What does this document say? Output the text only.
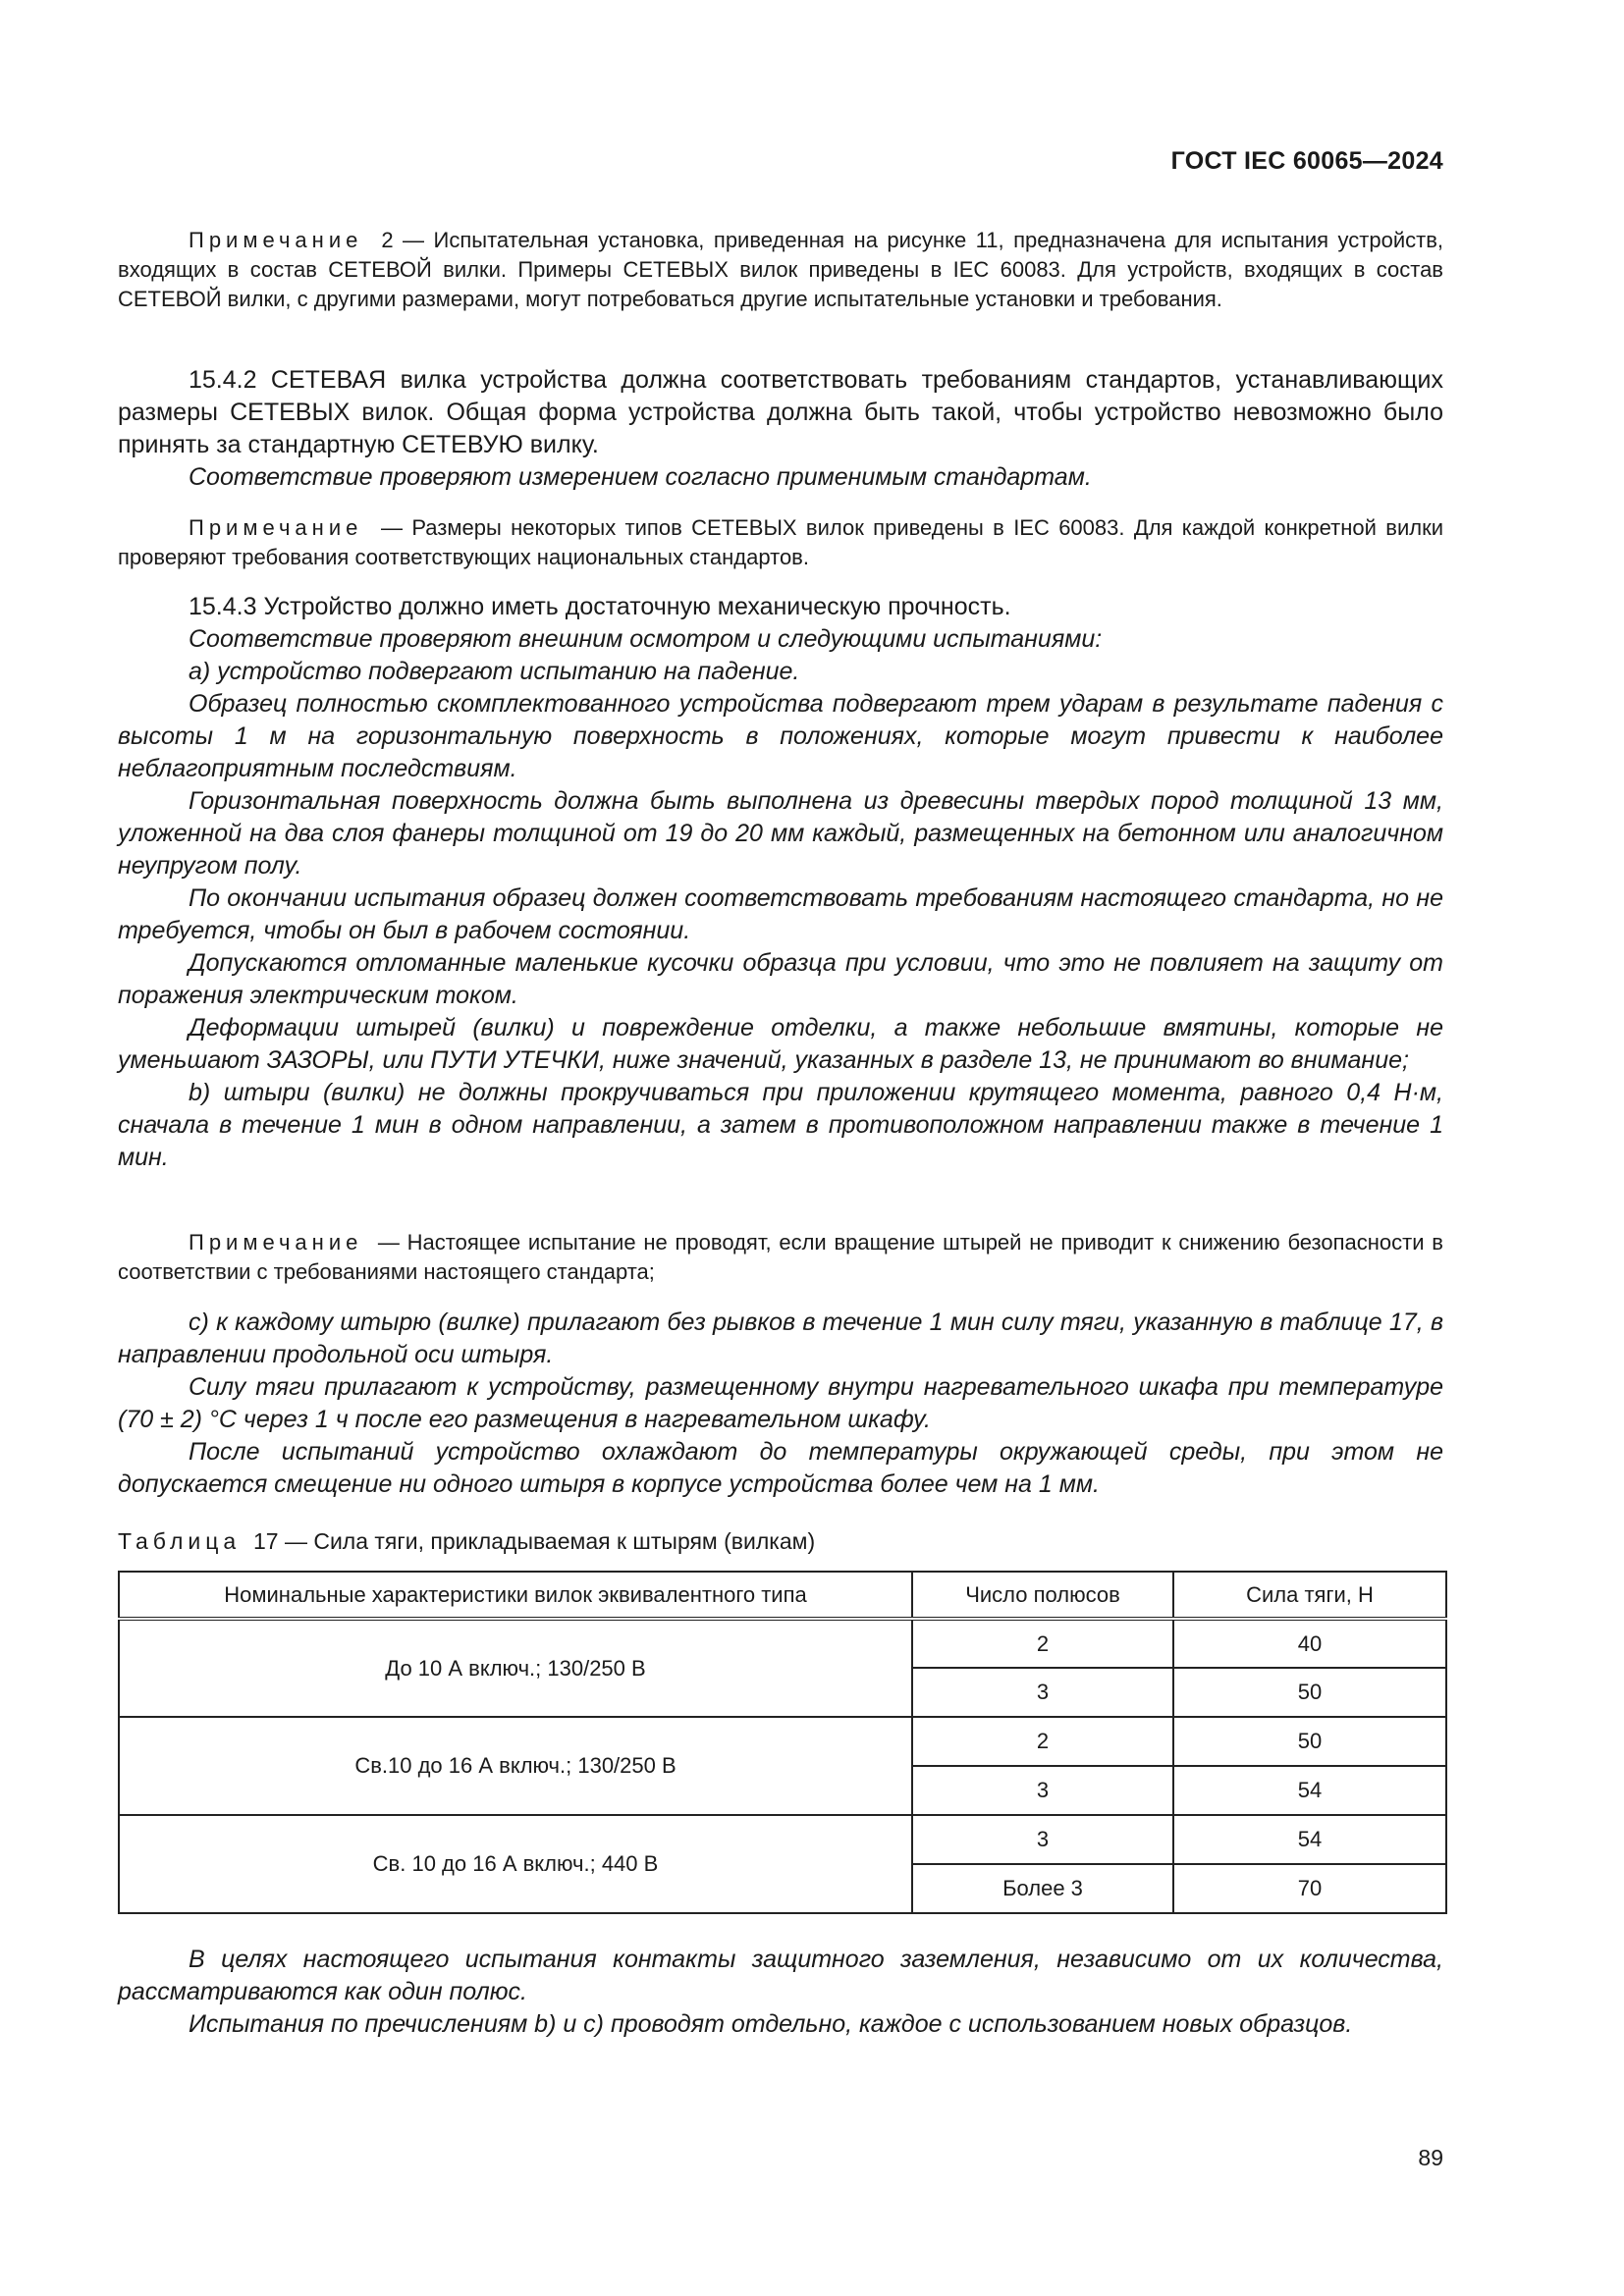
ГОСТ IEC 60065—2024

Примечание 2 — Испытательная установка, приведенная на рисунке 11, предназначена для испытания устройств, входящих в состав СЕТЕВОЙ вилки. Примеры СЕТЕВЫХ вилок приведены в IEC 60083. Для устройств, входящих в состав СЕТЕВОЙ вилки, с другими размерами, могут потребоваться другие испытательные установки и требования.

15.4.2 СЕТЕВАЯ вилка устройства должна соответствовать требованиям стандартов, устанавливающих размеры СЕТЕВЫХ вилок. Общая форма устройства должна быть такой, чтобы устройство невозможно было принять за стандартную СЕТЕВУЮ вилку.

Соответствие проверяют измерением согласно применимым стандартам.

Примечание — Размеры некоторых типов СЕТЕВЫХ вилок приведены в IEC 60083. Для каждой конкретной вилки проверяют требования соответствующих национальных стандартов.

15.4.3 Устройство должно иметь достаточную механическую прочность.

Соответствие проверяют внешним осмотром и следующими испытаниями:

a) устройство подвергают испытанию на падение.

Образец полностью скомплектованного устройства подвергают трем ударам в результате падения с высоты 1 м на горизонтальную поверхность в положениях, которые могут привести к наиболее неблагоприятным последствиям.

Горизонтальная поверхность должна быть выполнена из древесины твердых пород толщиной 13 мм, уложенной на два слоя фанеры толщиной от 19 до 20 мм каждый, размещенных на бетонном или аналогичном неупругом полу.

По окончании испытания образец должен соответствовать требованиям настоящего стандарта, но не требуется, чтобы он был в рабочем состоянии.

Допускаются отломанные маленькие кусочки образца при условии, что это не повлияет на защиту от поражения электрическим током.

Деформации штырей (вилки) и повреждение отделки, а также небольшие вмятины, которые не уменьшают ЗАЗОРЫ, или ПУТИ УТЕЧКИ, ниже значений, указанных в разделе 13, не принимают во внимание;

b) штыри (вилки) не должны прокручиваться при приложении крутящего момента, равного 0,4 Н·м, сначала в течение 1 мин в одном направлении, а затем в противоположном направлении также в течение 1 мин.

Примечание — Настоящее испытание не проводят, если вращение штырей не приводит к снижению безопасности в соответствии с требованиями настоящего стандарта;

c) к каждому штырю (вилке) прилагают без рывков в течение 1 мин силу тяги, указанную в таблице 17, в направлении продольной оси штыря.

Силу тяги прилагают к устройству, размещенному внутри нагревательного шкафа при температуре (70 ± 2) °С через 1 ч после его размещения в нагревательном шкафу.

После испытаний устройство охлаждают до температуры окружающей среды, при этом не допускается смещение ни одного штыря в корпусе устройства более чем на 1 мм.

Таблица 17 — Сила тяги, прикладываемая к штырям (вилкам)
Номинальные характеристики вилок эквивалентного типа	Число полюсов	Сила тяги, Н
До 10 А включ.; 130/250 В	2	40
	3	50
Св.10 до 16 А включ.; 130/250 В	2	50
	3	54
Св. 10 до 16 А включ.; 440 В	3	54
	Более 3	70

В целях настоящего испытания контакты защитного заземления, независимо от их количества, рассматриваются как один полюс.

Испытания по пречислениям b) и c) проводят отдельно, каждое с использованием новых образцов.

89
